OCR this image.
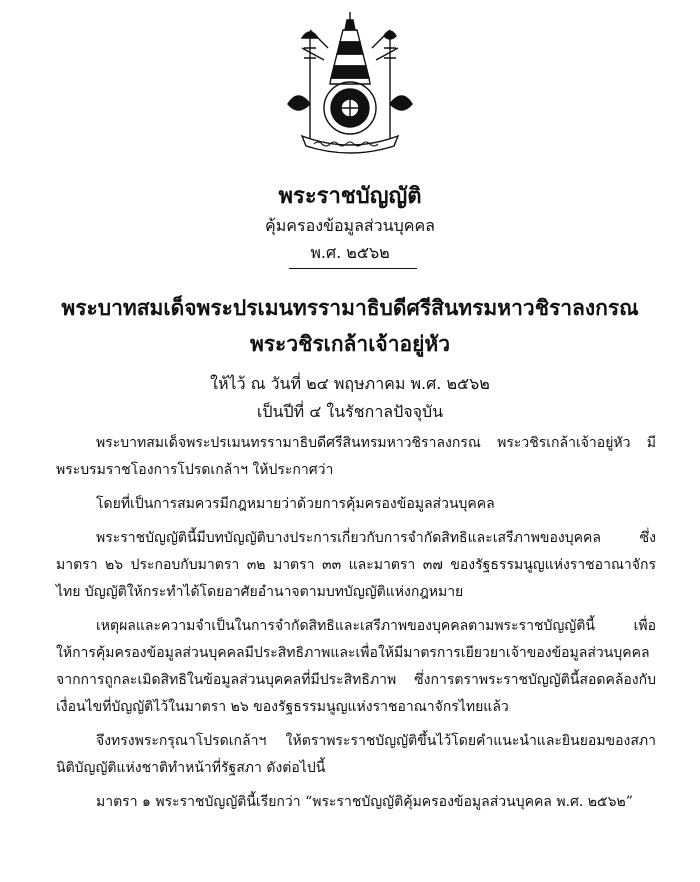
พระราชบัญญัติ
คุ้มครองข้อมูลส่วนบุคคล
พ.ศ. ๒๕๖๒
พระบาทสมเด็จพระปรเมนทรรามาธิบดีศรีสินทรมหาวชิราลงกรณ
พระวชิรเกล้าเจ้าอยู่หัว
ให้ไว้ ณ วันที่ ๒๔ พฤษภาคม พ.ศ. ๒๕๖๒
เป็นปีที่ ๔ ในรัชกาลปัจจุบัน

พระบาทสมเด็จพระปรเมนทรรามาธิบดีศรีสินทรมหาวชิราลงกรณ พระวชิรเกล้าเจ้าอยู่หัว มีพระบรมราชโองการโปรดเกล้าฯ ให้ประกาศว่า

โดยที่เป็นการสมควรมีกฎหมายว่าด้วยการคุ้มครองข้อมูลส่วนบุคคล

พระราชบัญญัตินี้มีบทบัญญัติบางประการเกี่ยวกับการจำกัดสิทธิและเสรีภาพของบุคคล ซึ่งมาตรา ๒๖ ประกอบกับมาตรา ๓๒ มาตรา ๓๓ และมาตรา ๓๗ ของรัฐธรรมนูญแห่งราชอาณาจักรไทย บัญญัติให้กระทำได้โดยอาศัยอำนาจตามบทบัญญัติแห่งกฎหมาย

เหตุผลและความจำเป็นในการจำกัดสิทธิและเสรีภาพของบุคคลตามพระราชบัญญัตินี้ เพื่อให้การคุ้มครองข้อมูลส่วนบุคคลมีประสิทธิภาพและเพื่อให้มีมาตรการเยียวยาเจ้าของข้อมูลส่วนบุคคลจากการถูกละเมิดสิทธิในข้อมูลส่วนบุคคลที่มีประสิทธิภาพ ซึ่งการตราพระราชบัญญัตินี้สอดคล้องกับเงื่อนไขที่บัญญัติไว้ในมาตรา ๒๖ ของรัฐธรรมนูญแห่งราชอาณาจักรไทยแล้ว

จึงทรงพระกรุณาโปรดเกล้าฯ ให้ตราพระราชบัญญัติขึ้นไว้โดยคำแนะนำและยินยอมของสภานิติบัญญัติแห่งชาติทำหน้าที่รัฐสภา ดังต่อไปนี้

มาตรา ๑ พระราชบัญญัตินี้เรียกว่า “พระราชบัญญัติคุ้มครองข้อมูลส่วนบุคคล พ.ศ. ๒๕๖๒”
